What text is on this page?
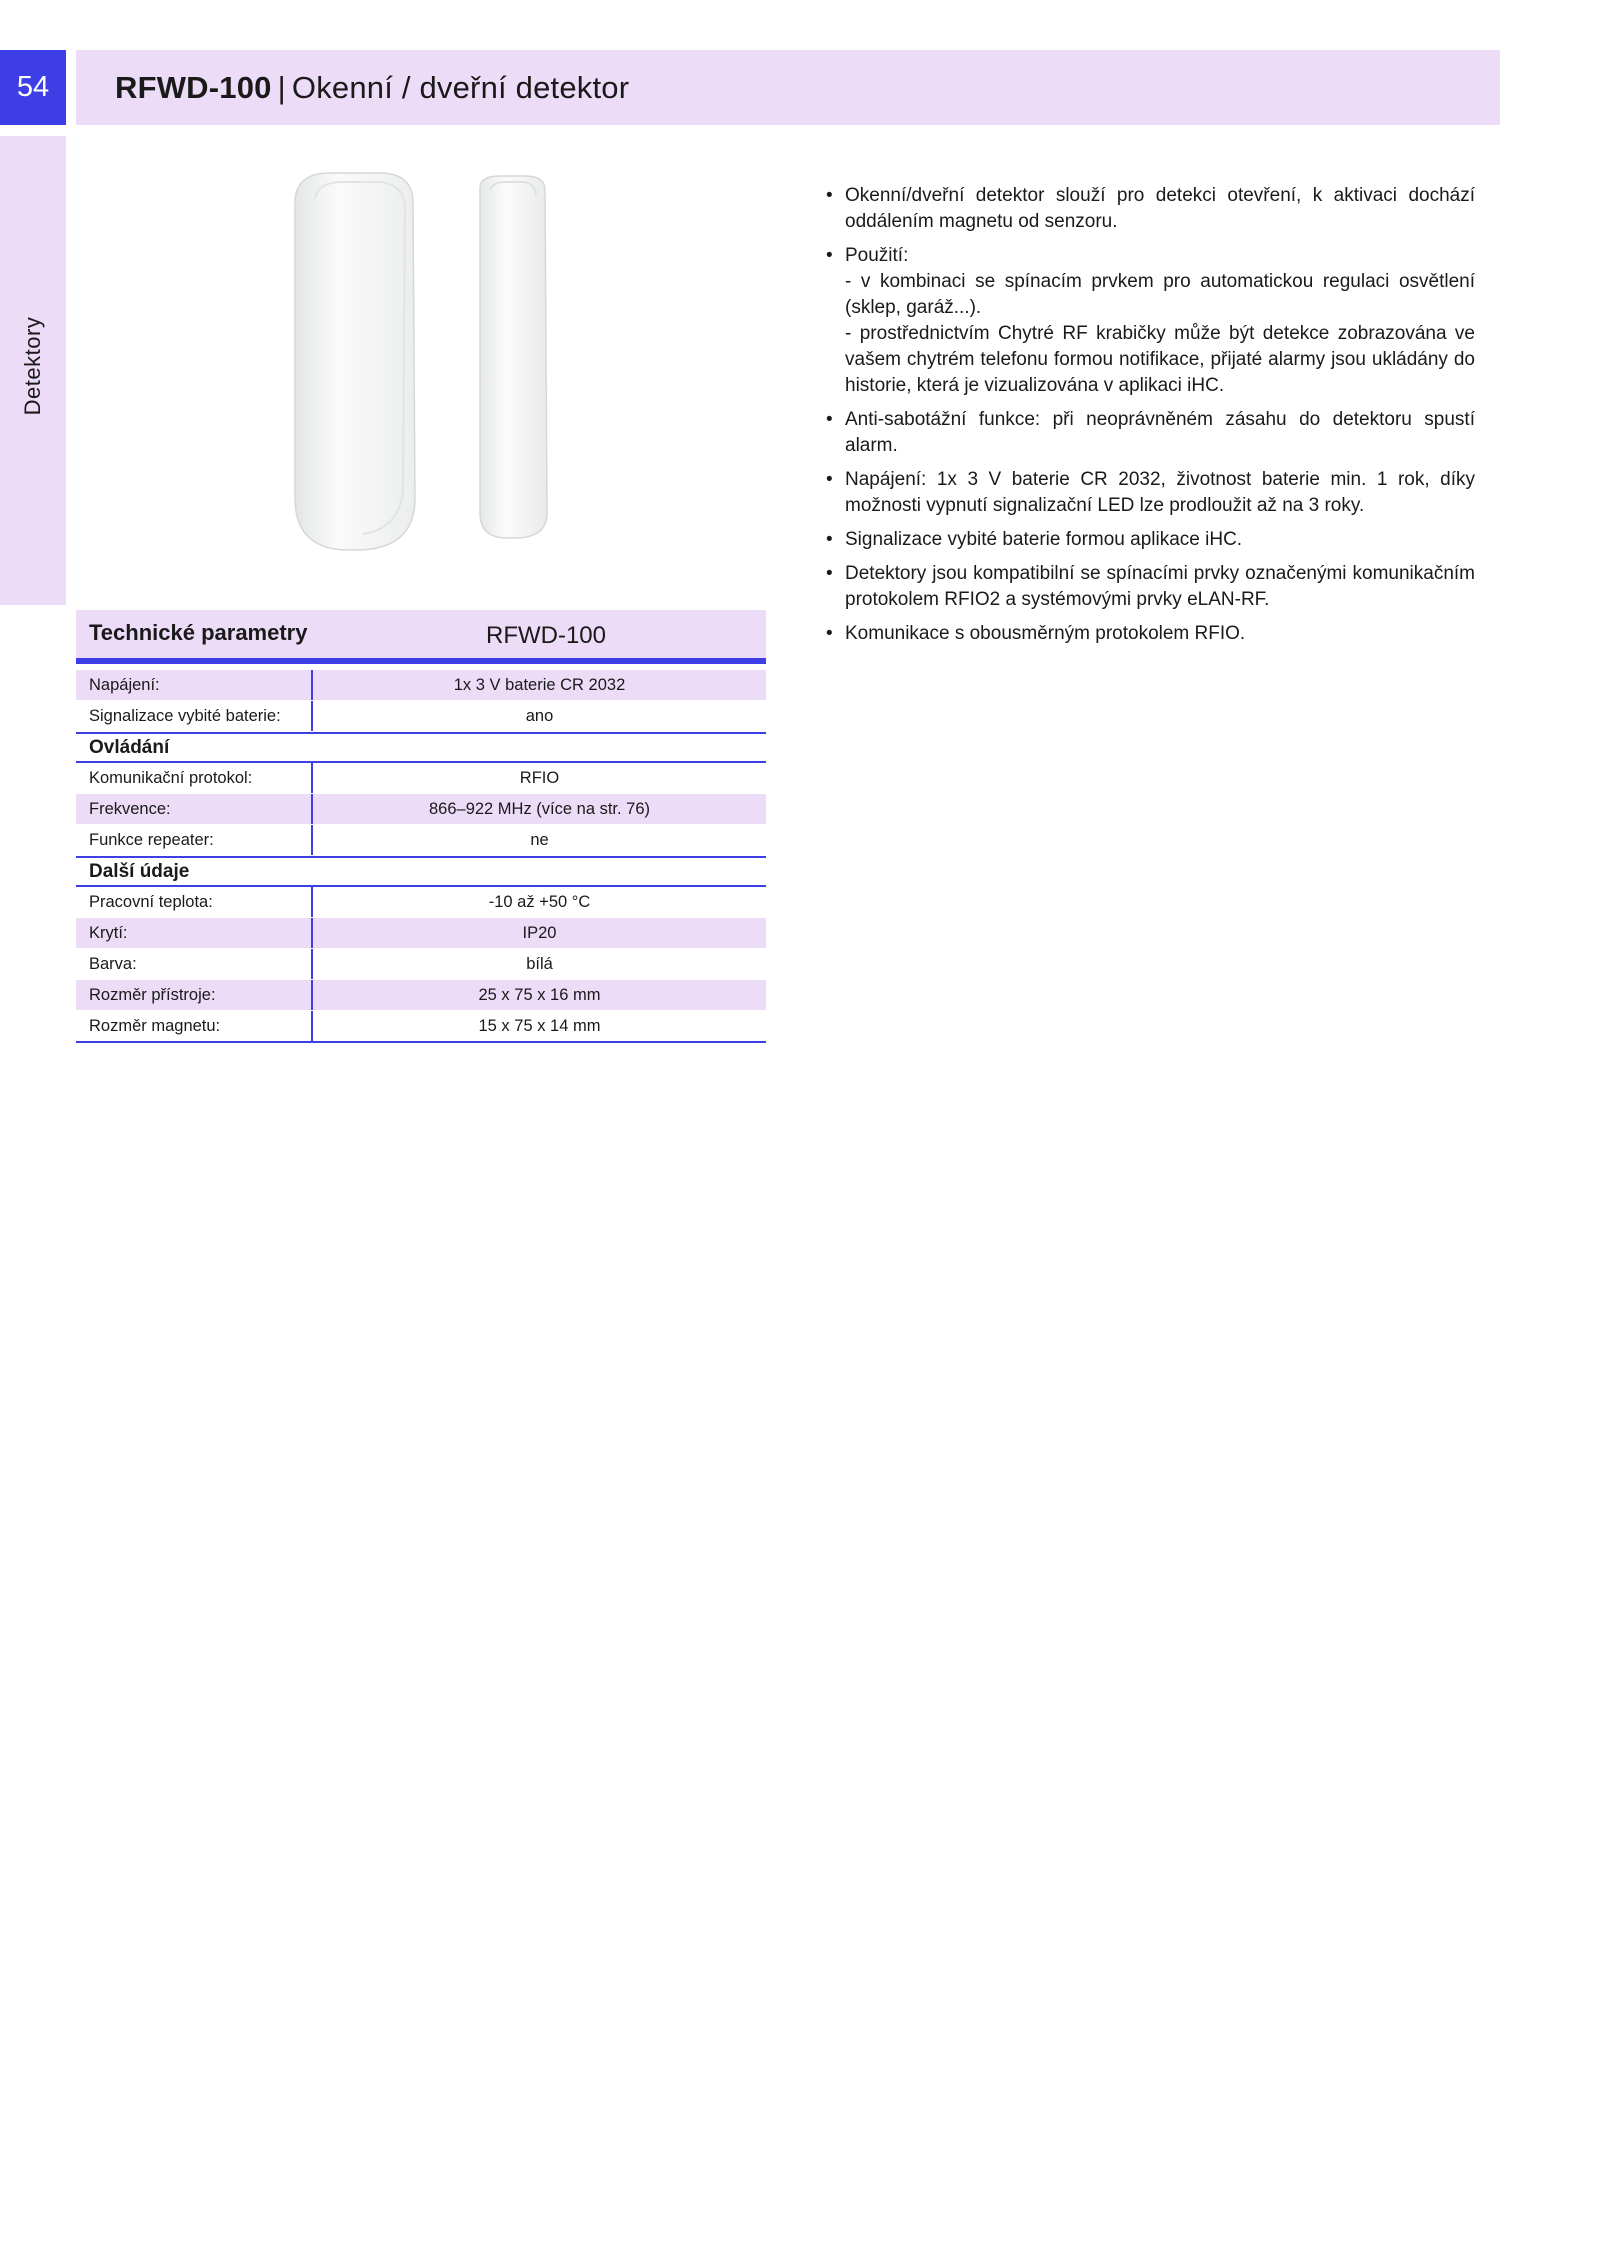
54	RFWD-100 | Okenní / dveřní detektor
Detektory
Technické parametry	RFWD-100
Napájení:	1x 3 V baterie CR 2032
Signalizace vybité baterie:	ano
Ovládání
Komunikační protokol:	RFIO
Frekvence:	866–922 MHz (více na str. 76)
Funkce repeater:	ne
Další údaje
Pracovní teplota:	-10 až +50 °C
Krytí:	IP20
Barva:	bílá
Rozměr přístroje:	25 x 75 x 16 mm
Rozměr magnetu:	15 x 75 x 14 mm
• Okenní/dveřní detektor slouží pro detekci otevření, k aktivaci dochází oddálením magnetu od senzoru.
• Použití:
- v kombinaci se spínacím prvkem pro automatickou regulaci osvětlení (sklep, garáž...).
- prostřednictvím Chytré RF krabičky může být detekce zobrazována ve vašem chytrém telefonu formou notifikace, přijaté alarmy jsou ukládány do historie, která je vizualizována v aplikaci iHC.
• Anti-sabotážní funkce: při neoprávněném zásahu do detektoru spustí alarm.
• Napájení: 1x 3 V baterie CR 2032, životnost baterie min. 1 rok, díky možnosti vypnutí signalizační LED lze prodloužit až na 3 roky.
• Signalizace vybité baterie formou aplikace iHC.
• Detektory jsou kompatibilní se spínacími prvky označenými komunikačním protokolem RFIO2 a systémovými prvky eLAN-RF.
• Komunikace s obousměrným protokolem RFIO.
